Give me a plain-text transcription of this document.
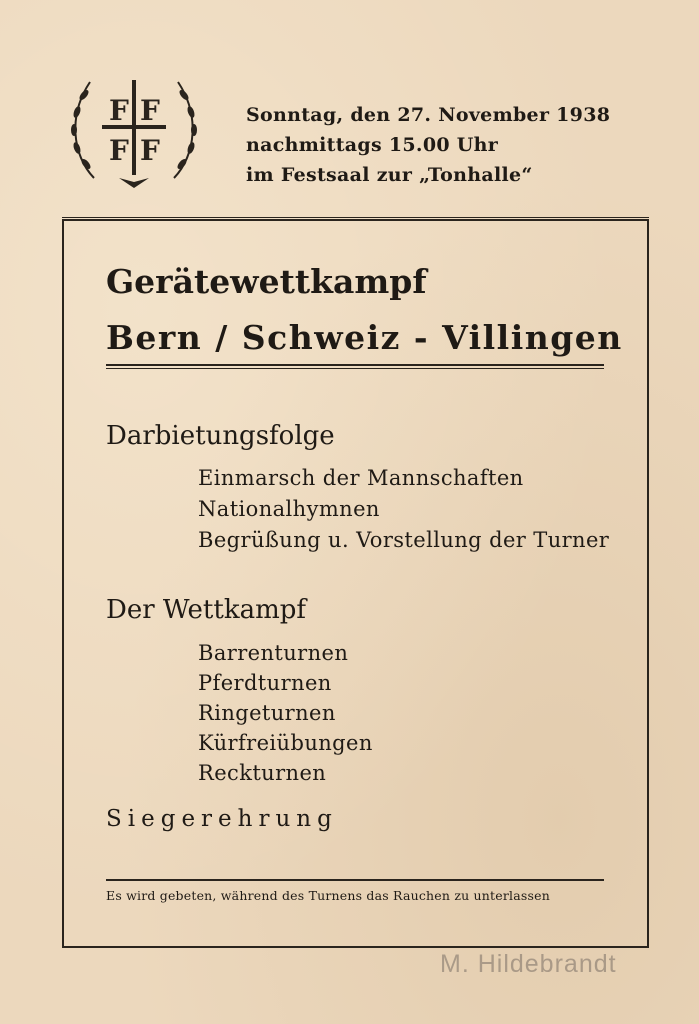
F F
F F
Sonntag, den 27. November 1938
nachmittags 15.00 Uhr
im Festsaal zur „Tonhalle“
Gerätewettkampf
Bern / Schweiz - Villingen
Darbietungsfolge
Einmarsch der Mannschaften
Nationalhymnen
Begrüßung u. Vorstellung der Turner
Der Wettkampf
Barrenturnen
Pferdturnen
Ringeturnen
Kürfreiübungen
Reckturnen
Siegerehrung
Es wird gebeten, während des Turnens das Rauchen zu unterlassen
M. Hildebrandt
